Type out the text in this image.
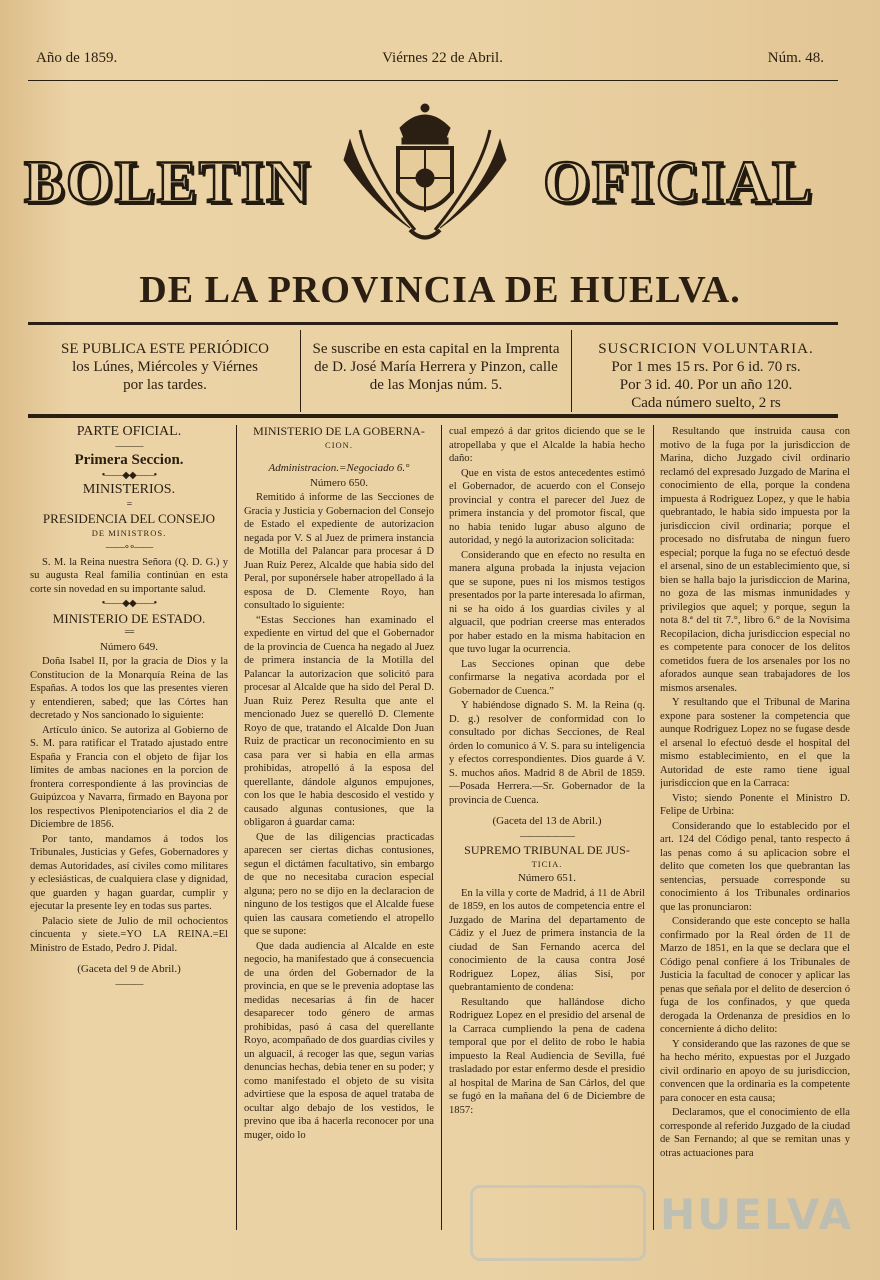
Año de 1859.	Viérnes 22 de Abril.	Núm. 48.
BOLETIN	OFICIAL
DE LA PROVINCIA DE HUELVA.
SE PUBLICA ESTE PERIÓDICO
los Lúnes, Miércoles y Viérnes
por las tardes.
Se suscribe en esta capital en la Imprenta
de D. José María Herrera y Pinzon, calle
de las Monjas núm. 5.
SUSCRICION VOLUNTARIA.
Por 1 mes 15 rs. Por 6 id. 70 rs.
Por 3 id. 40. Por un año 120.
Cada número suelto, 2 rs

PARTE OFICIAL.

———

Primera Seccion.

•——◆◆——•

MINISTERIOS.

=

PRESIDENCIA DEL CONSEJO

DE MINISTROS.

——∘∘——

S. M. la Reina nuestra Señora (Q. D. G.) y su augusta Real familia continúan en esta corte sin novedad en su importante salud.

•——◆◆——•

MINISTERIO DE ESTADO.

==

Número 649.

Doña Isabel II, por la gracia de Dios y la Constitucion de la Monarquía Reina de las Españas. A todos los que las presentes vieren y entendieren, sabed; que las Córtes han decretado y Nos sancionado lo siguiente:

Artículo único. Se autoriza al Gobierno de S. M. para ratificar el Tratado ajustado entre España y Francia con el objeto de fijar los límites de ambas naciones en la porcion de frontera correspondiente á las provincias de Guipúzcoa y Navarra, firmado en Bayona por los respectivos Plenipotenciarios el dia 2 de Diciembre de 1856.

Por tanto, mandamos á todos los Tribunales, Justicias y Gefes, Gobernadores y demas Autoridades, así civiles como militares y eclesiásticas, de cualquiera clase y dignidad, que guarden y hagan guardar, cumplir y ejecutar la presente ley en todas sus partes.

Palacio siete de Julio de mil ochocientos cincuenta y siete.=YO LA REINA.=El Ministro de Estado, Pedro J. Pidal.

(Gaceta del 9 de Abril.)

———

MINISTERIO DE LA GOBERNA-

CION.

Administracion.=Negociado 6.°

Número 650.

Remitido á informe de las Secciones de Gracia y Justicia y Gobernacion del Consejo de Estado el expediente de autorizacion negada por V. S al Juez de primera instancia de Motilla del Palancar para procesar á D Juan Ruiz Perez, Alcalde que habia sido del Peral, por suponérsele haber atropellado á la esposa de D. Clemente Royo, han consultado lo siguiente:

“Estas Secciones han examinado el expediente en virtud del que el Gobernador de la provincia de Cuenca ha negado al Juez de primera instancia de la Motilla del Palancar la autorizacion que solicitó para procesar al Alcalde que ha sido del Peral D. Juan Ruiz Perez Resulta que ante el mencionado Juez se querelló D. Clemente Royo de que, tratando el Alcalde Don Juan Ruiz de practicar un reconocimiento en su casa para ver si habia en ella armas prohibidas, atropelló á la esposa del querellante, dándole algunos empujones, con los que le habia descosido el vestido y causado algunas contusiones, que la obligaron á guardar cama:

Que de las diligencias practicadas aparecen ser ciertas dichas contusiones, segun el dictámen facultativo, sin embargo de que no necesitaba curacion especial alguna; pero no se dijo en la declaracion de ninguno de los testigos que el Alcalde fuese quien las causara cometiendo el atropello que se supone:

Que dada audiencia al Alcalde en este negocio, ha manifestado que á consecuencia de una órden del Gobernador de la provincia, en que se le prevenia adoptase las medidas necesarias á fin de hacer desaparecer todo género de armas prohibidas, pasó á casa del querellante Royo, acompañado de dos guardias civiles y un alguacil, á recoger las que, segun varias denuncias hechas, debia tener en su poder; y como manifestado el objeto de su visita advirtiese que la esposa de aquel trataba de ocultar algo debajo de los vestidos, le previno que iba á hacerla reconocer por una muger, oido lo

cual empezó á dar gritos diciendo que se le atropellaba y que el Alcalde la habia hecho daño:

Que en vista de estos antecedentes estimó el Gobernador, de acuerdo con el Consejo provincial y contra el parecer del Juez de primera instancia y del promotor fiscal, que no habia tenido lugar abuso alguno de autoridad, y negó la autorizacion solicitada:

Considerando que en efecto no resulta en manera alguna probada la injusta vejacion que se supone, pues ni los mismos testigos presentados por la parte interesada lo afirman, ni se ha oido á los guardias civiles y al alguacil, que podrian creerse mas enterados por haber estado en la misma habitacion en que tuvo lugar la ocurrencia.

Las Secciones opinan que debe confirmarse la negativa acordada por el Gobernador de Cuenca.”

Y habiéndose dignado S. M. la Reina (q. D. g.) resolver de conformidad con lo consultado por dichas Secciones, de Real órden lo comunico á V. S. para su inteligencia y efectos correspondientes. Dios guarde á V. S. muchos años. Madrid 8 de Abril de 1859. —Posada Herrera.—Sr. Gobernador de la provincia de Cuenca.

(Gaceta del 13 de Abril.)

——————

SUPREMO TRIBUNAL DE JUS-

TICIA.

Número 651.

En la villa y corte de Madrid, á 11 de Abril de 1859, en los autos de competencia entre el Juzgado de Marina del departamento de Cádiz y el Juez de primera instancia de la ciudad de San Fernando acerca del conocimiento de la causa contra José Rodriguez Lopez, álias Sisí, por quebrantamiento de condena:

Resultando que hallándose dicho Rodriguez Lopez en el presidio del arsenal de la Carraca cumpliendo la pena de cadena temporal que por el delito de robo le habia impuesto la Real Audiencia de Sevilla, fué trasladado por estar enfermo desde el presidio al hospital de Marina de San Cárlos, del que se fugó en la mañana del 6 de Diciembre de 1857:

Resultando que instruida causa con motivo de la fuga por la jurisdiccion de Marina, dicho Juzgado civil ordinario reclamó del expresado Juzgado de Marina el conocimiento de ella, porque la condena impuesta á Rodriguez Lopez, y que le habia quebrantado, le habia sido impuesta por la jurisdiccion civil ordinaria; porque el procesado no disfrutaba de ningun fuero especial; porque la fuga no se efectuó desde el arsenal, sino de un establecimiento que, si bien se halla bajo la jurisdiccion de Marina, no goza de las mismas inmunidades y privilegios que aquel; y porque, segun la nota 8.ª del tít 7.°, libro 6.° de la Novísima Recopilacion, dicha jurisdiccion especial no es competente para conocer de los delitos cometidos fuera de los arsenales por los no aforados aunque sean trabajadores de los mismos arsenales.

Y resultando que el Tribunal de Marina expone para sostener la competencia que aunque Rodriguez Lopez no se fugase desde el arsenal lo efectuó desde el hospital del mismo establecimiento, en el que la Autoridad de este ramo tiene igual jurisdiccion que en la Carraca:

Visto; siendo Ponente el Ministro D. Felipe de Urbina:

Considerando que lo establecido por el art. 124 del Código penal, tanto respecto á las penas como á su aplicacion sobre el delito que cometen los que quebrantan las sentencias, persuade corresponde su conocimiento á los Tribunales ordinarios que las pronunciaron:

Considerando que este concepto se halla confirmado por la Real órden de 11 de Marzo de 1851, en la que se declara que el Código penal confiere á los Tribunales de Justicia la facultad de conocer y aplicar las penas que señala por el delito de desercion ó fuga de los confinados, y que queda derogada la Ordenanza de presidios en lo concerniente á dicho delito:

Y considerando que las razones de que se ha hecho mérito, expuestas por el Juzgado civil ordinario en apoyo de su jurisdiccion, convencen que la ordinaria es la competente para conocer en esta causa;

Declaramos, que el conocimiento de ella corresponde al referido Juzgado de la ciudad de San Fernando; al que se remitan unas y otras actuaciones para

HUELVA
